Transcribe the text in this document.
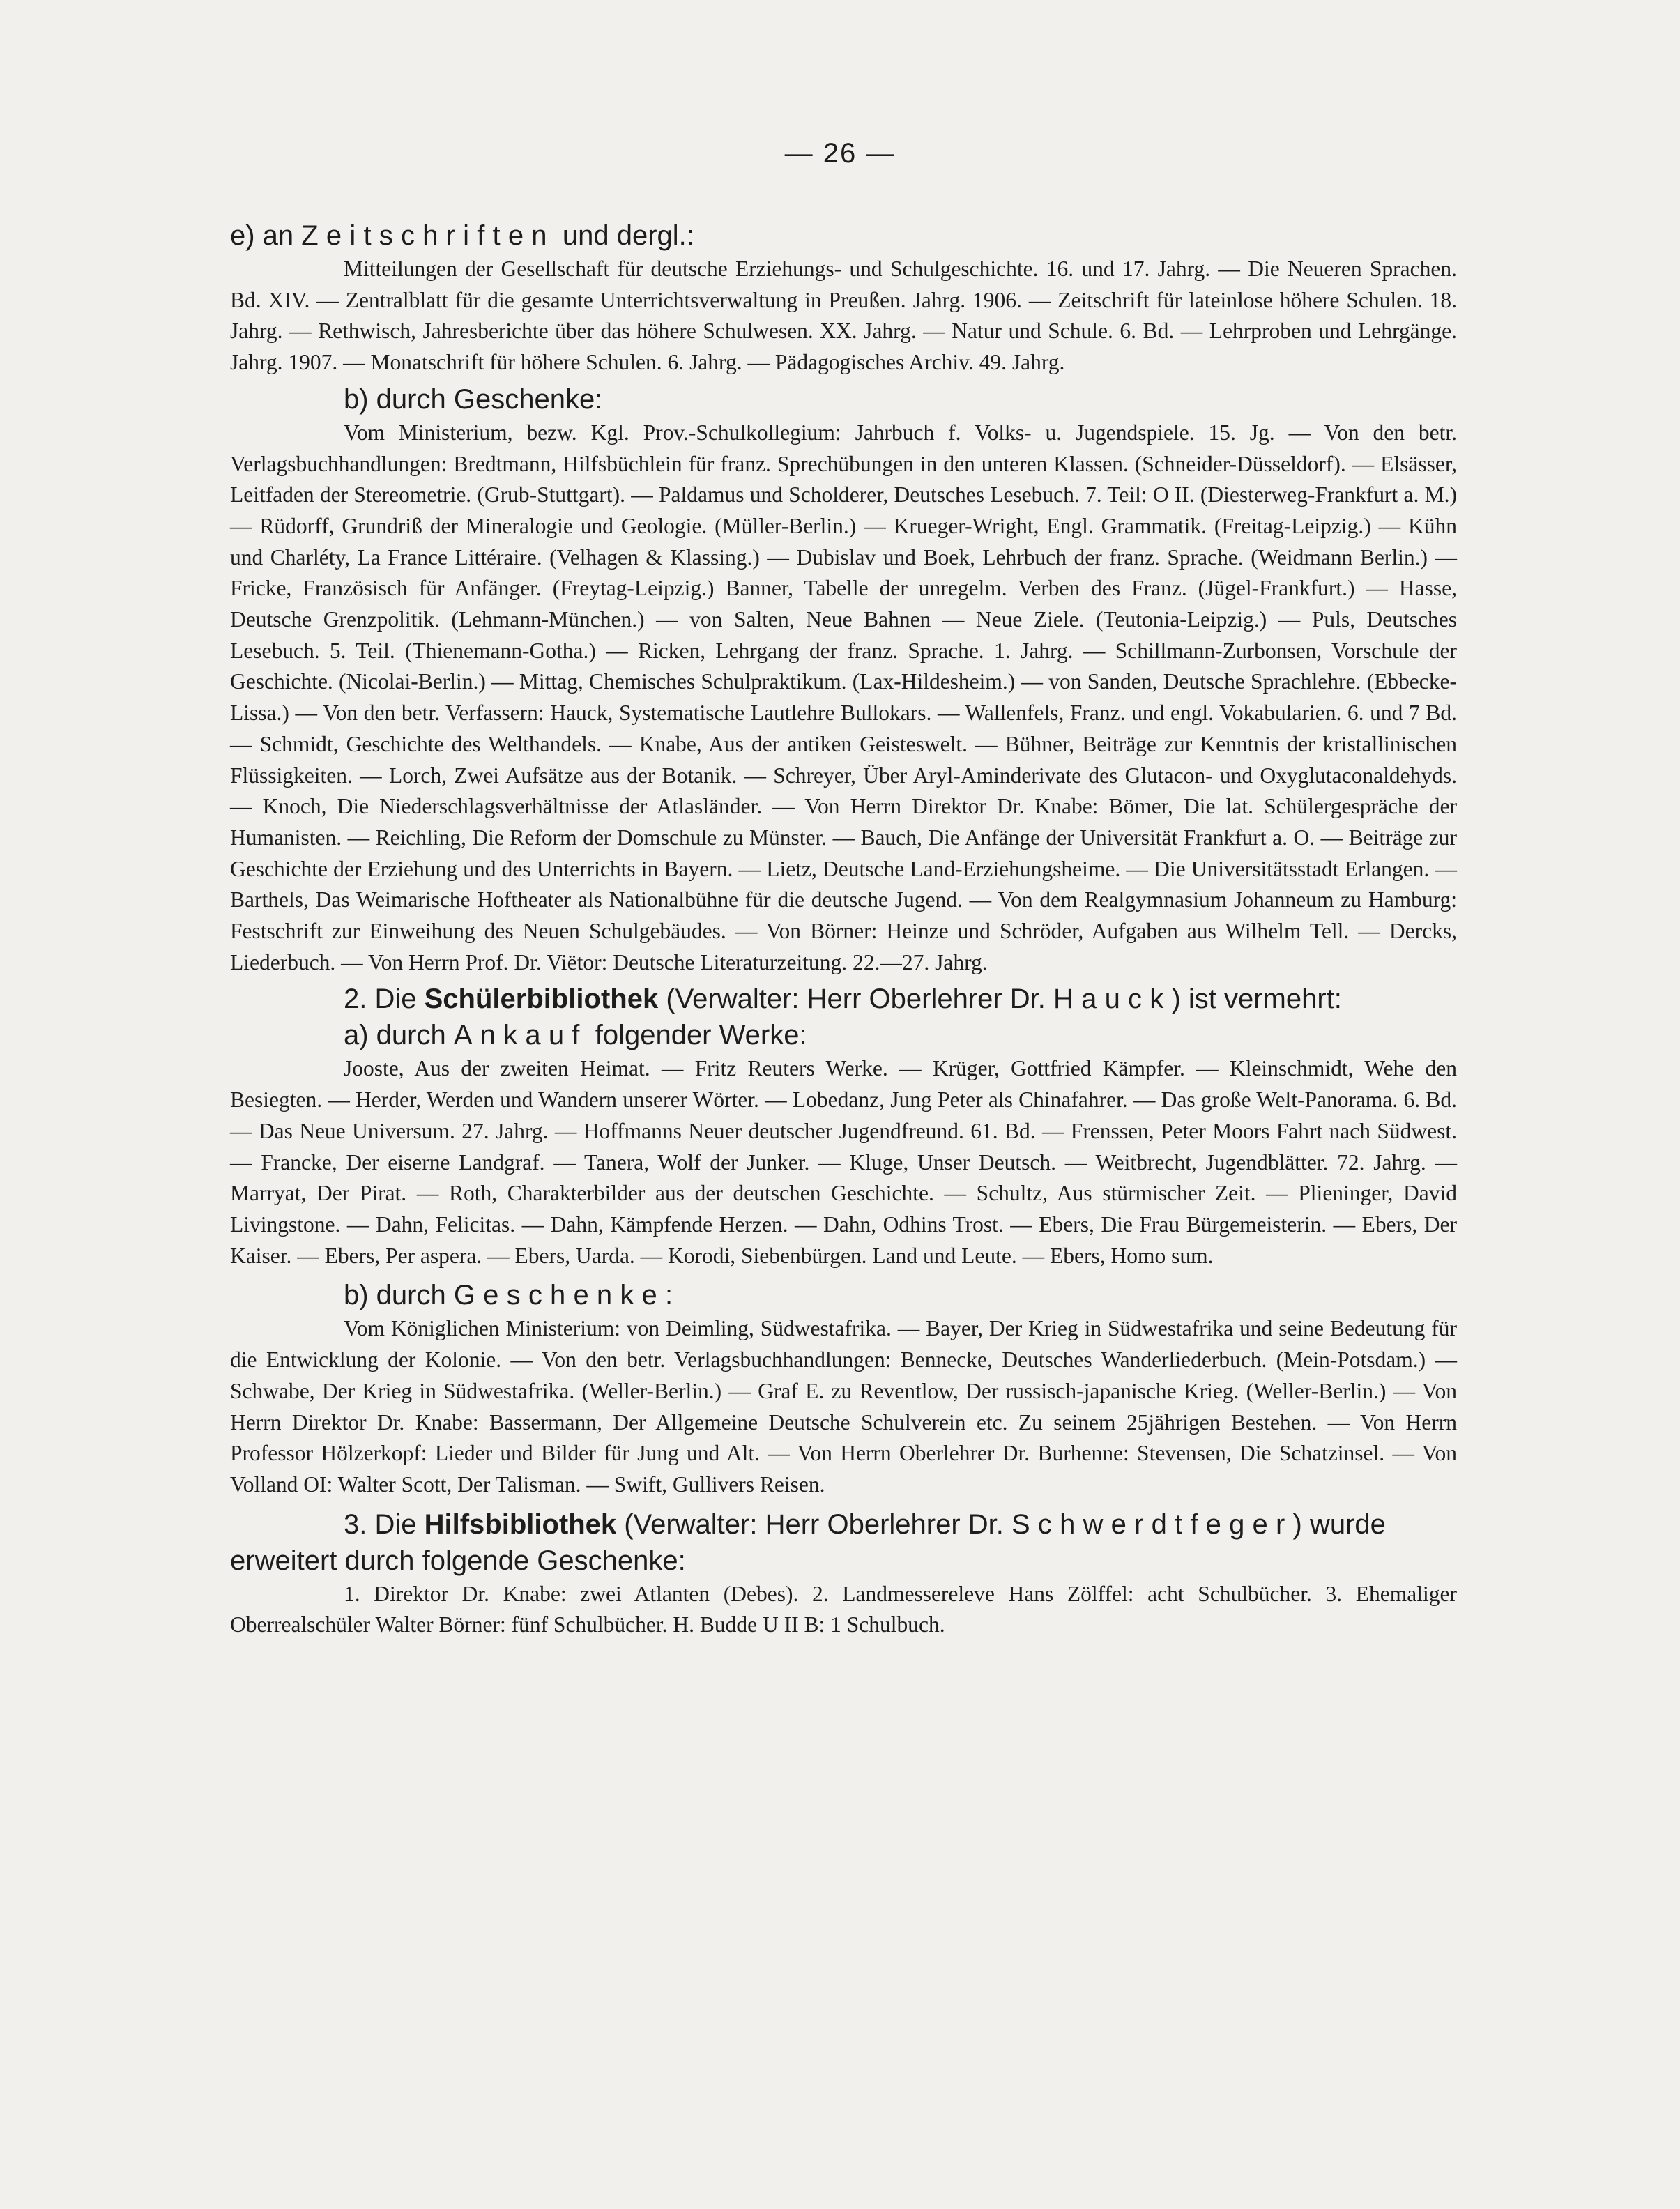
— 26 —
e) an Zeitschriften und dergl.:

Mitteilungen der Gesellschaft für deutsche Erziehungs- und Schulgeschichte. 16. und 17. Jahrg. — Die Neueren Sprachen. Bd. XIV. — Zentralblatt für die gesamte Unterrichtsverwaltung in Preußen. Jahrg. 1906. — Zeitschrift für lateinlose höhere Schulen. 18. Jahrg. — Rethwisch, Jahresberichte über das höhere Schulwesen. XX. Jahrg. — Natur und Schule. 6. Bd. — Lehrproben und Lehrgänge. Jahrg. 1907. — Monatschrift für höhere Schulen. 6. Jahrg. — Pädagogisches Archiv. 49. Jahrg.

b) durch Geschenke:

Vom Ministerium, bezw. Kgl. Prov.-Schulkollegium: Jahrbuch f. Volks- u. Jugendspiele. 15. Jg. — Von den betr. Verlagsbuchhandlungen: Bredtmann, Hilfsbüchlein für franz. Sprechübungen in den unteren Klassen. (Schneider-Düsseldorf). — Elsässer, Leitfaden der Stereometrie. (Grub-Stuttgart). — Paldamus und Scholderer, Deutsches Lesebuch. 7. Teil: O II. (Diesterweg-Frankfurt a. M.) — Rüdorff, Grundriß der Mineralogie und Geologie. (Müller-Berlin.) — Krueger-Wright, Engl. Grammatik. (Freitag-Leipzig.) — Kühn und Charléty, La France Littéraire. (Velhagen & Klassing.) — Dubislav und Boek, Lehrbuch der franz. Sprache. (Weidmann Berlin.) — Fricke, Französisch für Anfänger. (Freytag-Leipzig.) Banner, Tabelle der unregelm. Verben des Franz. (Jügel-Frankfurt.) — Hasse, Deutsche Grenzpolitik. (Lehmann-München.) — von Salten, Neue Bahnen — Neue Ziele. (Teutonia-Leipzig.) — Puls, Deutsches Lesebuch. 5. Teil. (Thienemann-Gotha.) — Ricken, Lehrgang der franz. Sprache. 1. Jahrg. — Schillmann-Zurbonsen, Vorschule der Geschichte. (Nicolai-Berlin.) — Mittag, Chemisches Schulpraktikum. (Lax-Hildesheim.) — von Sanden, Deutsche Sprachlehre. (Ebbecke-Lissa.) — Von den betr. Verfassern: Hauck, Systematische Lautlehre Bullokars. — Wallenfels, Franz. und engl. Vokabularien. 6. und 7 Bd. — Schmidt, Geschichte des Welthandels. — Knabe, Aus der antiken Geisteswelt. — Bühner, Beiträge zur Kenntnis der kristallinischen Flüssigkeiten. — Lorch, Zwei Aufsätze aus der Botanik. — Schreyer, Über Aryl-Aminderivate des Glutacon- und Oxyglutaconaldehyds. — Knoch, Die Niederschlagsverhältnisse der Atlasländer. — Von Herrn Direktor Dr. Knabe: Bömer, Die lat. Schülergespräche der Humanisten. — Reichling, Die Reform der Domschule zu Münster. — Bauch, Die Anfänge der Universität Frankfurt a. O. — Beiträge zur Geschichte der Erziehung und des Unterrichts in Bayern. — Lietz, Deutsche Land-Erziehungsheime. — Die Universitätsstadt Erlangen. — Barthels, Das Weimarische Hoftheater als Nationalbühne für die deutsche Jugend. — Von dem Realgymnasium Johanneum zu Hamburg: Festschrift zur Einweihung des Neuen Schulgebäudes. — Von Börner: Heinze und Schröder, Aufgaben aus Wilhelm Tell. — Dercks, Liederbuch. — Von Herrn Prof. Dr. Viëtor: Deutsche Literaturzeitung. 22.—27. Jahrg.

2. Die Schülerbibliothek (Verwalter: Herr Oberlehrer Dr. Hauck) ist vermehrt:
a) durch Ankauf folgender Werke:

Jooste, Aus der zweiten Heimat. — Fritz Reuters Werke. — Krüger, Gottfried Kämpfer. — Kleinschmidt, Wehe den Besiegten. — Herder, Werden und Wandern unserer Wörter. — Lobedanz, Jung Peter als Chinafahrer. — Das große Welt-Panorama. 6. Bd. — Das Neue Universum. 27. Jahrg. — Hoffmanns Neuer deutscher Jugendfreund. 61. Bd. — Frenssen, Peter Moors Fahrt nach Südwest. — Francke, Der eiserne Landgraf. — Tanera, Wolf der Junker. — Kluge, Unser Deutsch. — Weitbrecht, Jugendblätter. 72. Jahrg. — Marryat, Der Pirat. — Roth, Charakterbilder aus der deutschen Geschichte. — Schultz, Aus stürmischer Zeit. — Plieninger, David Livingstone. — Dahn, Felicitas. — Dahn, Kämpfende Herzen. — Dahn, Odhins Trost. — Ebers, Die Frau Bürgemeisterin. — Ebers, Der Kaiser. — Ebers, Per aspera. — Ebers, Uarda. — Korodi, Siebenbürgen. Land und Leute. — Ebers, Homo sum.

b) durch Geschenke:

Vom Königlichen Ministerium: von Deimling, Südwestafrika. — Bayer, Der Krieg in Südwestafrika und seine Bedeutung für die Entwicklung der Kolonie. — Von den betr. Verlagsbuchhandlungen: Bennecke, Deutsches Wanderliederbuch. (Mein-Potsdam.) — Schwabe, Der Krieg in Südwestafrika. (Weller-Berlin.) — Graf E. zu Reventlow, Der russisch-japanische Krieg. (Weller-Berlin.) — Von Herrn Direktor Dr. Knabe: Bassermann, Der Allgemeine Deutsche Schulverein etc. Zu seinem 25jährigen Bestehen. — Von Herrn Professor Hölzerkopf: Lieder und Bilder für Jung und Alt. — Von Herrn Oberlehrer Dr. Burhenne: Stevensen, Die Schatzinsel. — Von Volland OI: Walter Scott, Der Talisman. — Swift, Gullivers Reisen.

3. Die Hilfsbibliothek (Verwalter: Herr Oberlehrer Dr. Schwerdtfeger) wurde erweitert durch folgende Geschenke:

1. Direktor Dr. Knabe: zwei Atlanten (Debes). 2. Landmessereleve Hans Zölffel: acht Schulbücher. 3. Ehemaliger Oberrealschüler Walter Börner: fünf Schulbücher. H. Budde U II B: 1 Schulbuch.
